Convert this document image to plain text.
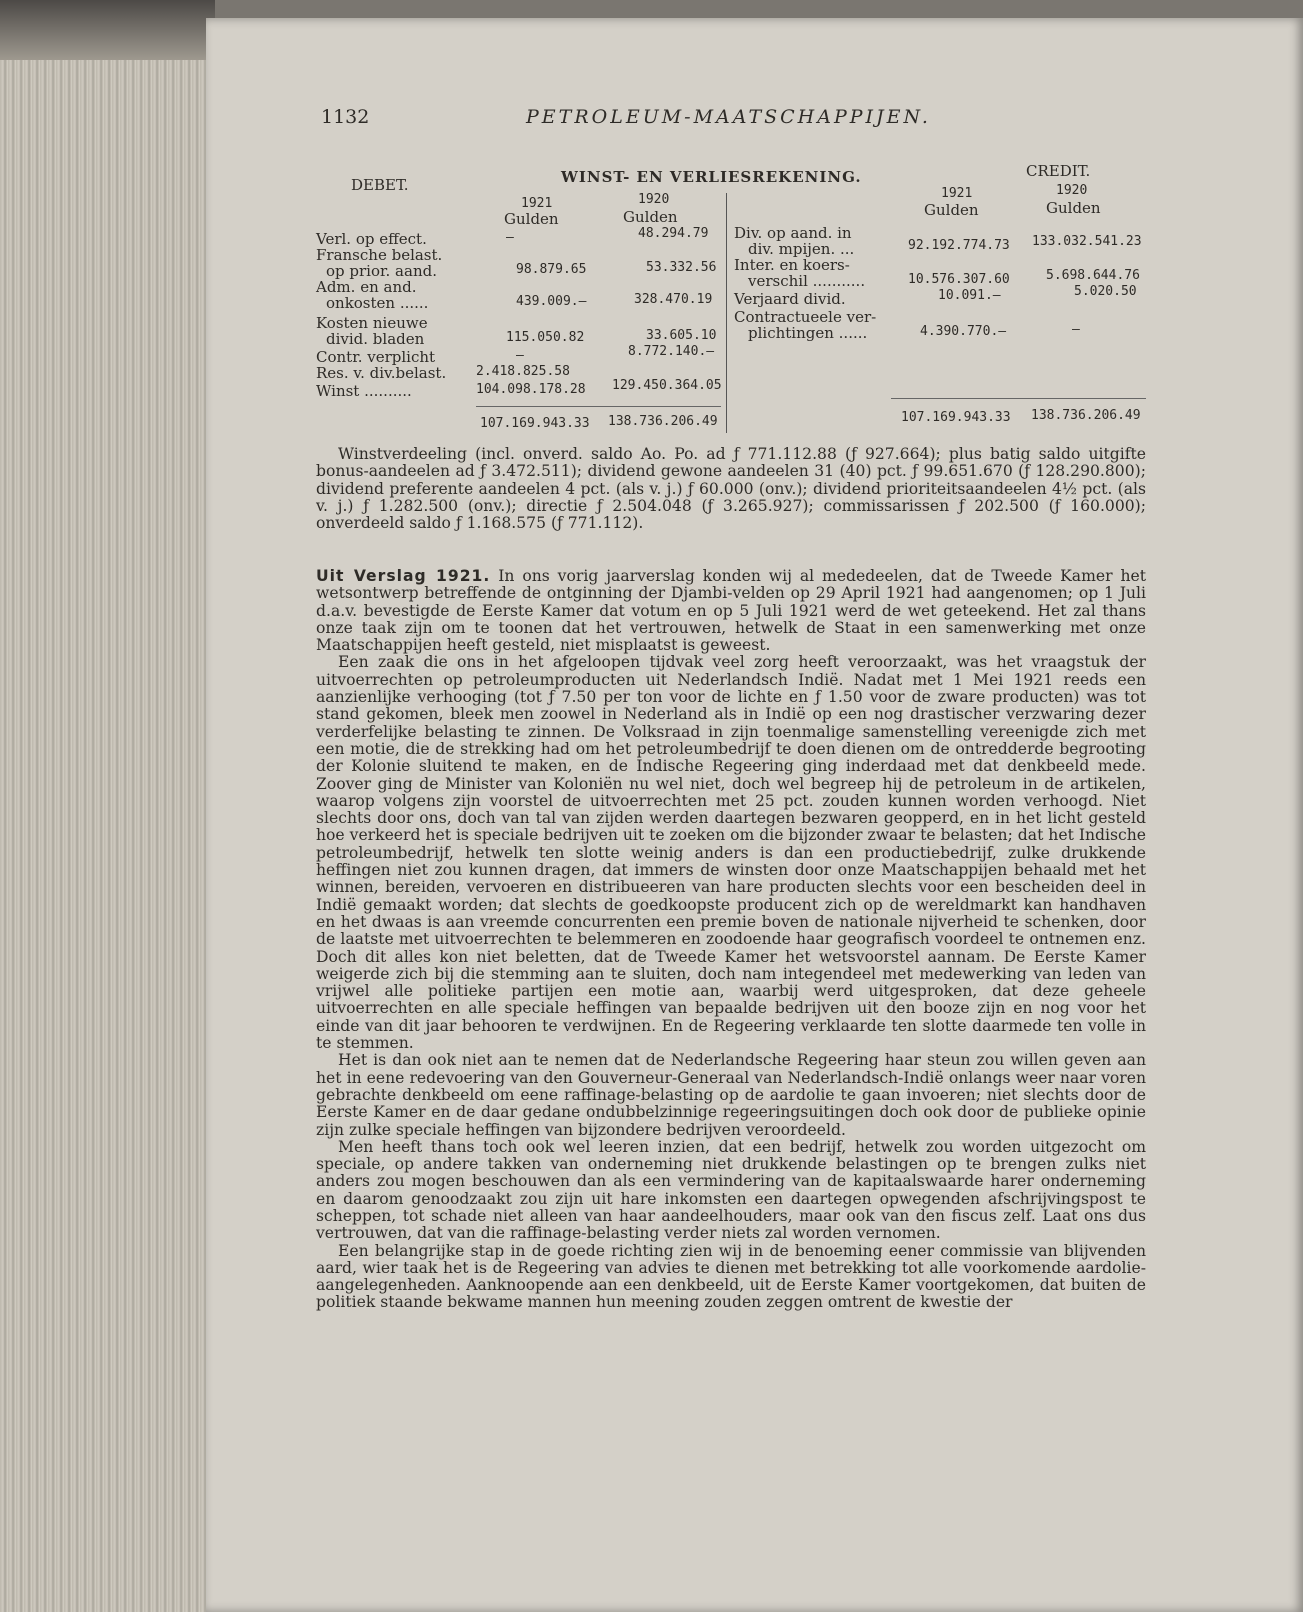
1132	PETROLEUM-MAATSCHAPPIJEN.
DEBET.	WINST- EN VERLIESREKENING.	CREDIT.
1921	1920
Gulden	Gulden
1921	1920
Gulden	Gulden
Verl. op effect.	—	48.294.79
Fransche belast.
op prior. aand.	98.879.65	53.332.56
Adm. en and.
onkosten ......	439.009.—	328.470.19
Kosten nieuwe
divid. bladen	115.050.82	33.605.10
Contr. verplicht	—	8.772.140.—
Res. v. div.belast. 2.418.825.58
Winst ..........	104.098.178.28 129.450.364.05
107.169.943.33 138.736.206.49
Div. op aand. in
div. mpijen. ...	92.192.774.73 133.032.541.23
Inter. en koers-
verschil ...........	10.576.307.60	5.698.644.76
Verjaard divid.	10.091.—	5.020.50
Contractueele ver-
plichtingen ......	4.390.770.—	—
107.169.943.33 138.736.206.49

Winstverdeeling (incl. onverd. saldo Ao. Po. ad ƒ 771.112.88 (ƒ 927.664); plus batig saldo uitgifte bonus-aandeelen ad ƒ 3.472.511); dividend gewone aandeelen 31 (40) pct. ƒ 99.651.670 (ƒ 128.290.800); dividend preferente aandeelen 4 pct. (als v. j.) ƒ 60.000 (onv.); dividend prioriteitsaandeelen 4½ pct. (als v. j.) ƒ 1.282.500 (onv.); directie ƒ 2.504.048 (ƒ 3.265.927); commissarissen ƒ 202.500 (ƒ 160.000); onverdeeld saldo ƒ 1.168.575 (ƒ 771.112).

Uit Verslag 1921. In ons vorig jaarverslag konden wij al mededeelen, dat de Tweede Kamer het wetsontwerp betreffende de ontginning der Djambi-velden op 29 April 1921 had aangenomen; op 1 Juli d.a.v. bevestigde de Eerste Kamer dat votum en op 5 Juli 1921 werd de wet geteekend. Het zal thans onze taak zijn om te toonen dat het vertrouwen, hetwelk de Staat in een samenwerking met onze Maatschappijen heeft gesteld, niet misplaatst is geweest.

Een zaak die ons in het afgeloopen tijdvak veel zorg heeft veroorzaakt, was het vraagstuk der uitvoerrechten op petroleumproducten uit Nederlandsch Indië. Nadat met 1 Mei 1921 reeds een aanzienlijke verhooging (tot ƒ 7.50 per ton voor de lichte en ƒ 1.50 voor de zware producten) was tot stand gekomen, bleek men zoowel in Nederland als in Indië op een nog drastischer verzwaring dezer verderfelijke belasting te zinnen. De Volksraad in zijn toenmalige samenstelling vereenigde zich met een motie, die de strekking had om het petroleumbedrijf te doen dienen om de ontredderde begrooting der Kolonie sluitend te maken, en de Indische Regeering ging inderdaad met dat denkbeeld mede. Zoover ging de Minister van Koloniën nu wel niet, doch wel begreep hij de petroleum in de artikelen, waarop volgens zijn voorstel de uitvoerrechten met 25 pct. zouden kunnen worden verhoogd. Niet slechts door ons, doch van tal van zijden werden daartegen bezwaren geopperd, en in het licht gesteld hoe verkeerd het is speciale bedrijven uit te zoeken om die bijzonder zwaar te belasten; dat het Indische petroleumbedrijf, hetwelk ten slotte weinig anders is dan een productiebedrijf, zulke drukkende heffingen niet zou kunnen dragen, dat immers de winsten door onze Maatschappijen behaald met het winnen, bereiden, vervoeren en distribueeren van hare producten slechts voor een bescheiden deel in Indië gemaakt worden; dat slechts de goedkoopste producent zich op de wereldmarkt kan handhaven en het dwaas is aan vreemde concurrenten een premie boven de nationale nijverheid te schenken, door de laatste met uitvoerrechten te belemmeren en zoodoende haar geografisch voordeel te ontnemen enz. Doch dit alles kon niet beletten, dat de Tweede Kamer het wetsvoorstel aannam. De Eerste Kamer weigerde zich bij die stemming aan te sluiten, doch nam integendeel met medewerking van leden van vrijwel alle politieke partijen een motie aan, waarbij werd uitgesproken, dat deze geheele uitvoerrechten en alle speciale heffingen van bepaalde bedrijven uit den booze zijn en nog voor het einde van dit jaar behooren te verdwijnen. En de Regeering verklaarde ten slotte daarmede ten volle in te stemmen.

Het is dan ook niet aan te nemen dat de Nederlandsche Regeering haar steun zou willen geven aan het in eene redevoering van den Gouverneur-Generaal van Nederlandsch-Indië onlangs weer naar voren gebrachte denkbeeld om eene raffinage-belasting op de aardolie te gaan invoeren; niet slechts door de Eerste Kamer en de daar gedane ondubbelzinnige regeeringsuitingen doch ook door de publieke opinie zijn zulke speciale heffingen van bijzondere bedrijven veroordeeld.

Men heeft thans toch ook wel leeren inzien, dat een bedrijf, hetwelk zou worden uitgezocht om speciale, op andere takken van onderneming niet drukkende belastingen op te brengen zulks niet anders zou mogen beschouwen dan als een vermindering van de kapitaalswaarde harer onderneming en daarom genoodzaakt zou zijn uit hare inkomsten een daartegen opwegenden afschrijvingspost te scheppen, tot schade niet alleen van haar aandeelhouders, maar ook van den fiscus zelf. Laat ons dus vertrouwen, dat van die raffinage-belasting verder niets zal worden vernomen.

Een belangrijke stap in de goede richting zien wij in de benoeming eener commissie van blijvenden aard, wier taak het is de Regeering van advies te dienen met betrekking tot alle voorkomende aardolie-aangelegenheden. Aanknoopende aan een denkbeeld, uit de Eerste Kamer voortgekomen, dat buiten de politiek staande bekwame mannen hun meening zouden zeggen omtrent de kwestie der
